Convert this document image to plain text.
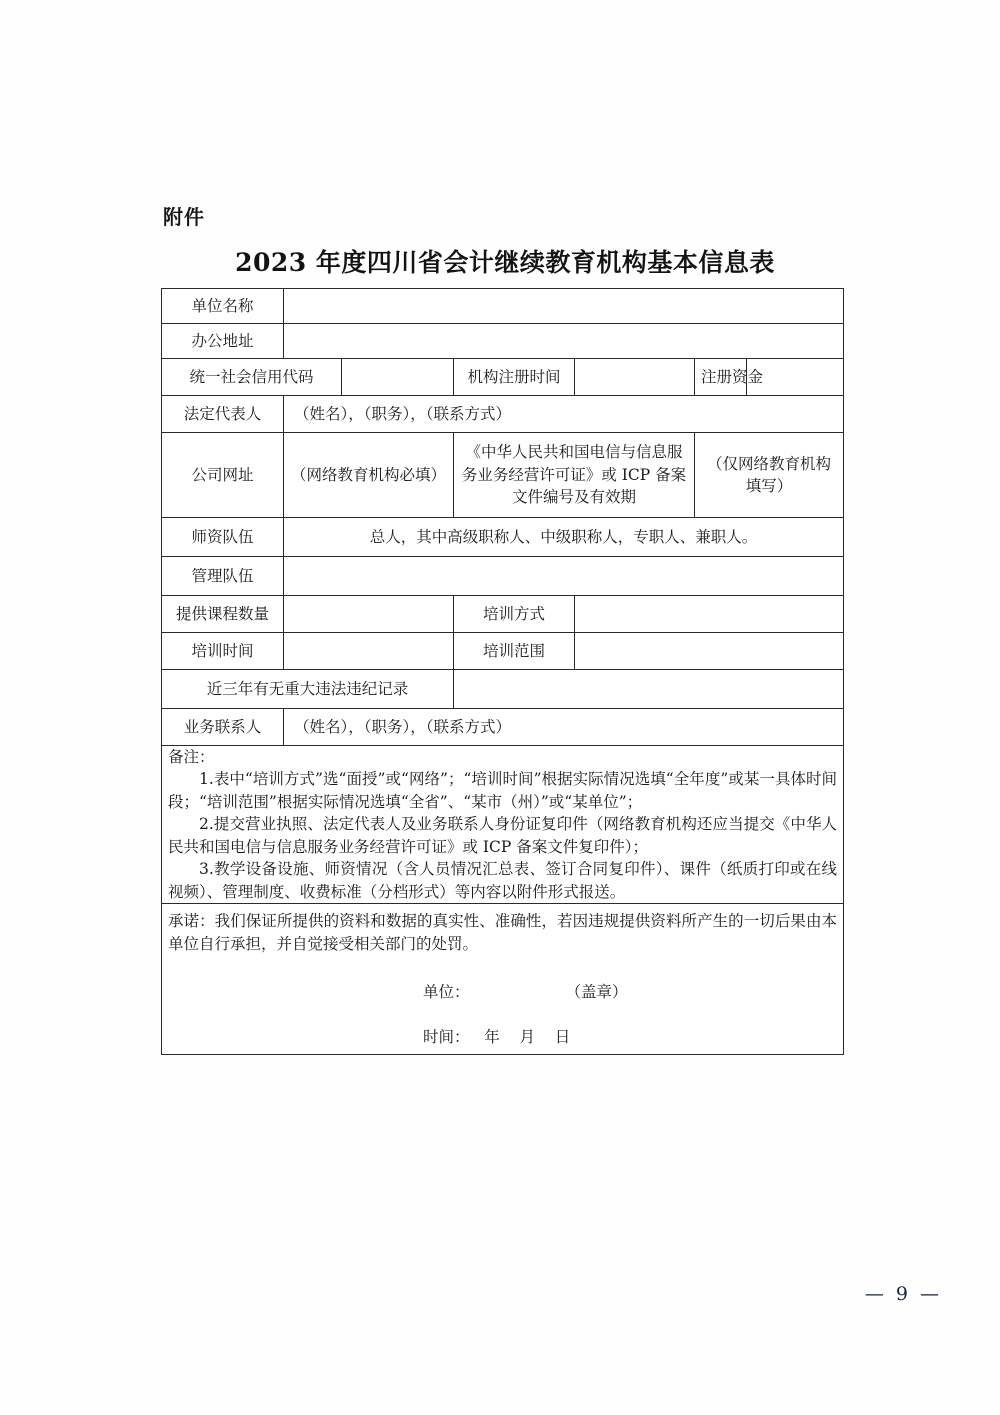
附件
2023 年度四川省会计继续教育机构基本信息表
单位名称						
办公地址						
统一社会信用代码			机构注册时间		注册资金	
法定代表人	（姓名），（职务），（联系方式）					
公司网址	（网络教育机构必填）		《中华人民共和国电信与信息服务业务经营许可证》或 ICP 备案文件编号及有效期		（仅网络教育机构填写）	
师资队伍	总人，其中高级职称人、中级职称人，专职人、兼职人。					
管理队伍						
提供课程数量			培训方式			
培训时间			培训范围			
近三年有无重大违法违纪记录						
业务联系人	（姓名），（职务），（联系方式）					

备注：
1.表中“培训方式”选“面授”或“网络”；“培训时间”根据实际情况选填“全年度”或某一具体时间段；“培训范围”根据实际情况选填“全省”、“某市（州）”或“某单位”；
2.提交营业执照、法定代表人及业务联系人身份证复印件（网络教育机构还应当提交《中华人民共和国电信与信息服务业务经营许可证》或 ICP 备案文件复印件）；
3.教学设备设施、师资情况（含人员情况汇总表、签订合同复印件）、课件（纸质打印或在线视频）、管理制度、收费标准（分档形式）等内容以附件形式报送。						

承诺：我们保证所提供的资料和数据的真实性、准确性，若因违规提供资料所产生的一切后果由本单位自行承担，并自觉接受相关部门的处罚。
单位： （盖章）
时间： 年 月 日						
— 9 —
